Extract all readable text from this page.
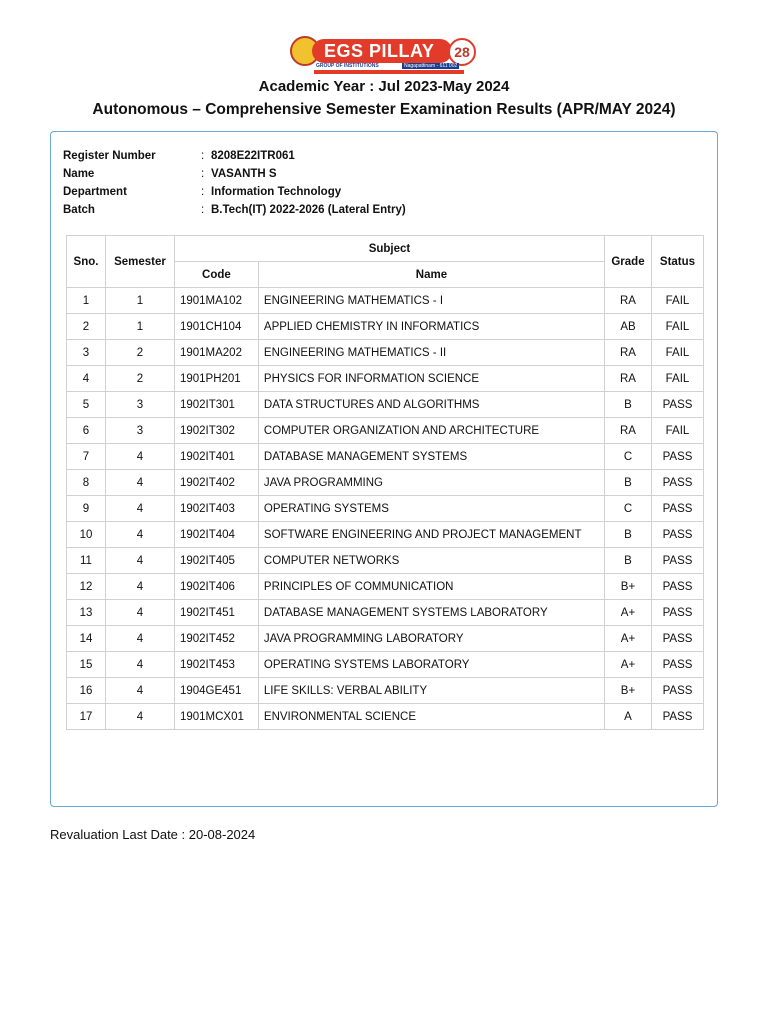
EGS PILLAY	28
GROUP OF INSTITUTIONS	Nagapattinam - 611 002
Academic Year : Jul 2023-May 2024
Autonomous – Comprehensive Semester Examination Results (APR/MAY 2024)
Register Number	: 8208E22ITR061
Name	: VASANTH S
Department	: Information Technology
Batch	: B.Tech(IT) 2022-2026 (Lateral Entry)
Sno.	Semester	Subject		Grade	Status
		Code	Name		
1	1	1901MA102	ENGINEERING MATHEMATICS - I	RA	FAIL
2	1	1901CH104	APPLIED CHEMISTRY IN INFORMATICS	AB	FAIL
3	2	1901MA202	ENGINEERING MATHEMATICS - II	RA	FAIL
4	2	1901PH201	PHYSICS FOR INFORMATION SCIENCE	RA	FAIL
5	3	1902IT301	DATA STRUCTURES AND ALGORITHMS	B	PASS
6	3	1902IT302	COMPUTER ORGANIZATION AND ARCHITECTURE	RA	FAIL
7	4	1902IT401	DATABASE MANAGEMENT SYSTEMS	C	PASS
8	4	1902IT402	JAVA PROGRAMMING	B	PASS
9	4	1902IT403	OPERATING SYSTEMS	C	PASS
10	4	1902IT404	SOFTWARE ENGINEERING AND PROJECT MANAGEMENT	B	PASS
11	4	1902IT405	COMPUTER NETWORKS	B	PASS
12	4	1902IT406	PRINCIPLES OF COMMUNICATION	B+	PASS
13	4	1902IT451	DATABASE MANAGEMENT SYSTEMS LABORATORY	A+	PASS
14	4	1902IT452	JAVA PROGRAMMING LABORATORY	A+	PASS
15	4	1902IT453	OPERATING SYSTEMS LABORATORY	A+	PASS
16	4	1904GE451	LIFE SKILLS: VERBAL ABILITY	B+	PASS
17	4	1901MCX01	ENVIRONMENTAL SCIENCE	A	PASS
Revaluation Last Date : 20-08-2024
